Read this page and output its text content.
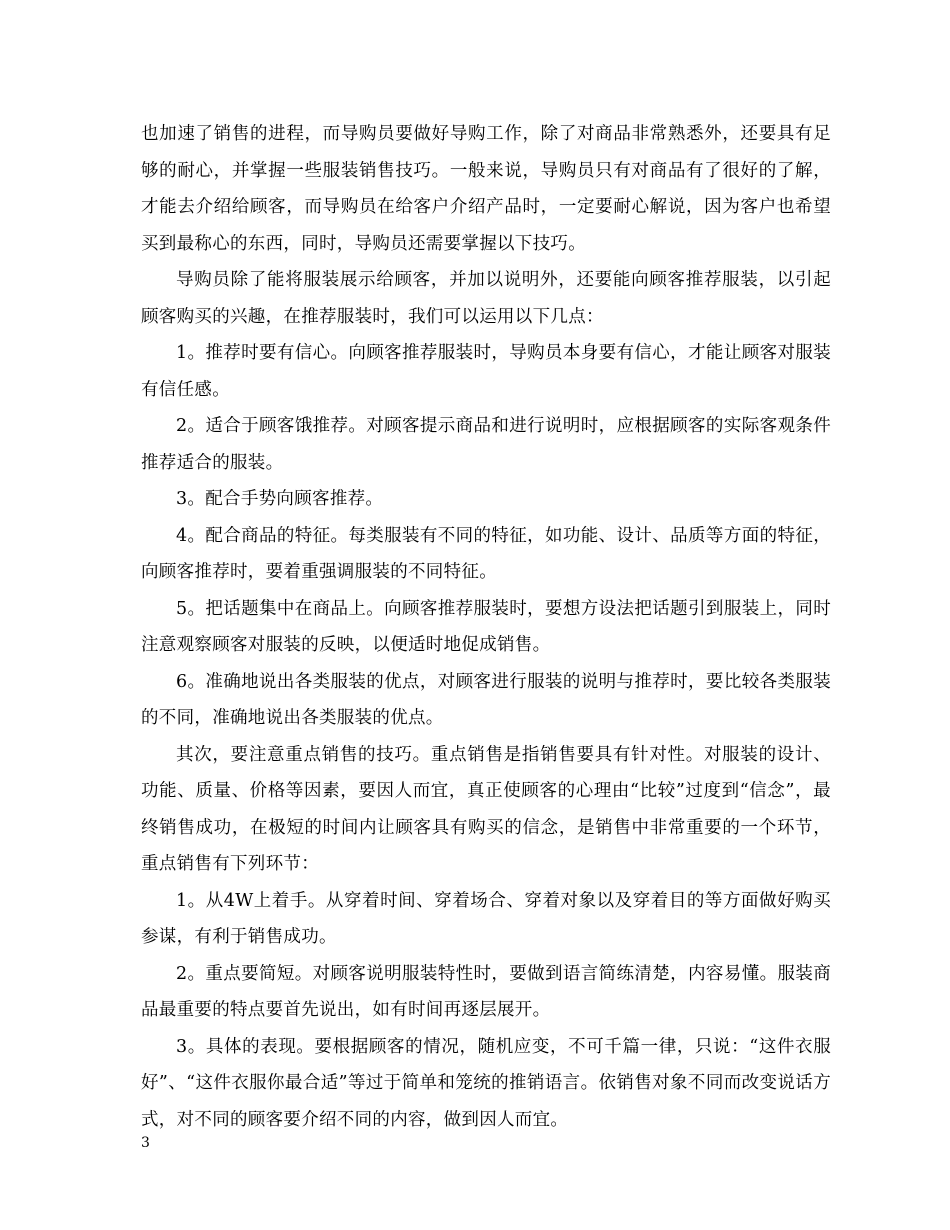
也加速了销售的进程，而导购员要做好导购工作，除了对商品非常熟悉外，还要具有足够的耐心，并掌握一些服装销售技巧。一般来说，导购员只有对商品有了很好的了解，才能去介绍给顾客，而导购员在给客户介绍产品时，一定要耐心解说，因为客户也希望买到最称心的东西，同时，导购员还需要掌握以下技巧。

导购员除了能将服装展示给顾客，并加以说明外，还要能向顾客推荐服装，以引起顾客购买的兴趣，在推荐服装时，我们可以运用以下几点：

1。推荐时要有信心。向顾客推荐服装时，导购员本身要有信心，才能让顾客对服装有信任感。

2。适合于顾客饿推荐。对顾客提示商品和进行说明时，应根据顾客的实际客观条件推荐适合的服装。

3。配合手势向顾客推荐。

4。配合商品的特征。每类服装有不同的特征，如功能、设计、品质等方面的特征，向顾客推荐时，要着重强调服装的不同特征。

5。把话题集中在商品上。向顾客推荐服装时，要想方设法把话题引到服装上，同时注意观察顾客对服装的反映，以便适时地促成销售。

6。准确地说出各类服装的优点，对顾客进行服装的说明与推荐时，要比较各类服装的不同，准确地说出各类服装的优点。

其次，要注意重点销售的技巧。重点销售是指销售要具有针对性。对服装的设计、功能、质量、价格等因素，要因人而宜，真正使顾客的心理由“比较”过度到“信念”，最终销售成功，在极短的时间内让顾客具有购买的信念，是销售中非常重要的一个环节，重点销售有下列环节：

1。从4W上着手。从穿着时间、穿着场合、穿着对象以及穿着目的等方面做好购买参谋，有利于销售成功。

2。重点要简短。对顾客说明服装特性时，要做到语言简练清楚，内容易懂。服装商品最重要的特点要首先说出，如有时间再逐层展开。

3。具体的表现。要根据顾客的情况，随机应变，不可千篇一律，只说：“这件衣服好”、“这件衣服你最合适”等过于简单和笼统的推销语言。依销售对象不同而改变说话方式，对不同的顾客要介绍不同的内容，做到因人而宜。

3
